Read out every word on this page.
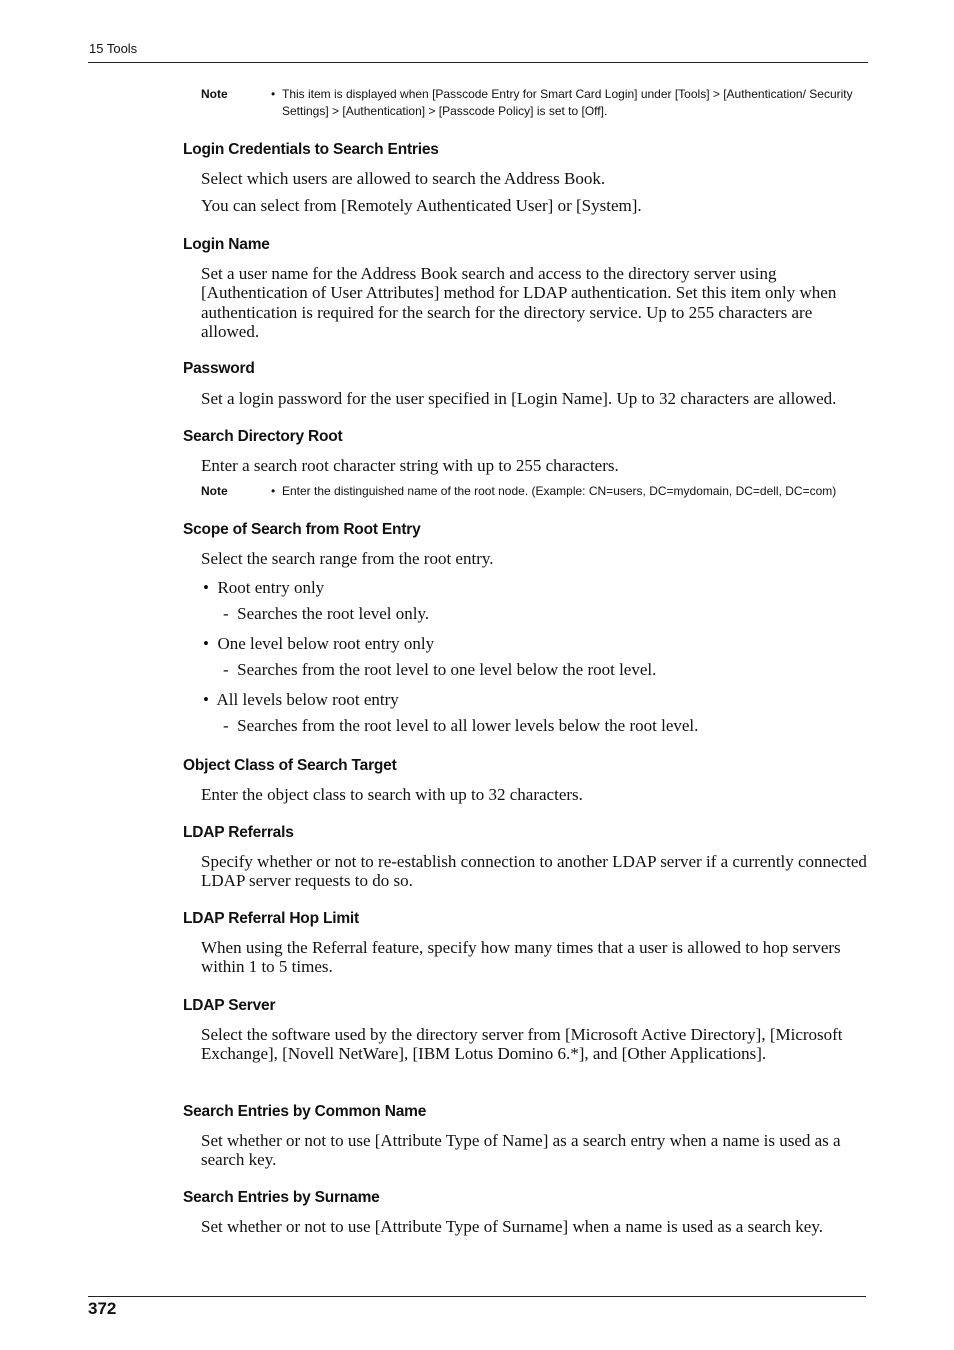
15 Tools
Note	• This item is displayed when [Passcode Entry for Smart Card Login] under [Tools] > [Authentication/ Security Settings] > [Authentication] > [Passcode Policy] is set to [Off].
Login Credentials to Search Entries
Select which users are allowed to search the Address Book.
You can select from [Remotely Authenticated User] or [System].
Login Name
Set a user name for the Address Book search and access to the directory server using [Authentication of User Attributes] method for LDAP authentication. Set this item only when authentication is required for the search for the directory service. Up to 255 characters are allowed.
Password
Set a login password for the user specified in [Login Name]. Up to 32 characters are allowed.
Search Directory Root
Enter a search root character string with up to 255 characters.
Note	• Enter the distinguished name of the root node. (Example: CN=users, DC=mydomain, DC=dell, DC=com)
Scope of Search from Root Entry
Select the search range from the root entry.
• Root entry only
- Searches the root level only.
• One level below root entry only
- Searches from the root level to one level below the root level.
• All levels below root entry
- Searches from the root level to all lower levels below the root level.
Object Class of Search Target
Enter the object class to search with up to 32 characters.
LDAP Referrals
Specify whether or not to re-establish connection to another LDAP server if a currently connected LDAP server requests to do so.
LDAP Referral Hop Limit
When using the Referral feature, specify how many times that a user is allowed to hop servers within 1 to 5 times.
LDAP Server
Select the software used by the directory server from [Microsoft Active Directory], [Microsoft Exchange], [Novell NetWare], [IBM Lotus Domino 6.*], and [Other Applications].
Search Entries by Common Name
Set whether or not to use [Attribute Type of Name] as a search entry when a name is used as a search key.
Search Entries by Surname
Set whether or not to use [Attribute Type of Surname] when a name is used as a search key.
372
